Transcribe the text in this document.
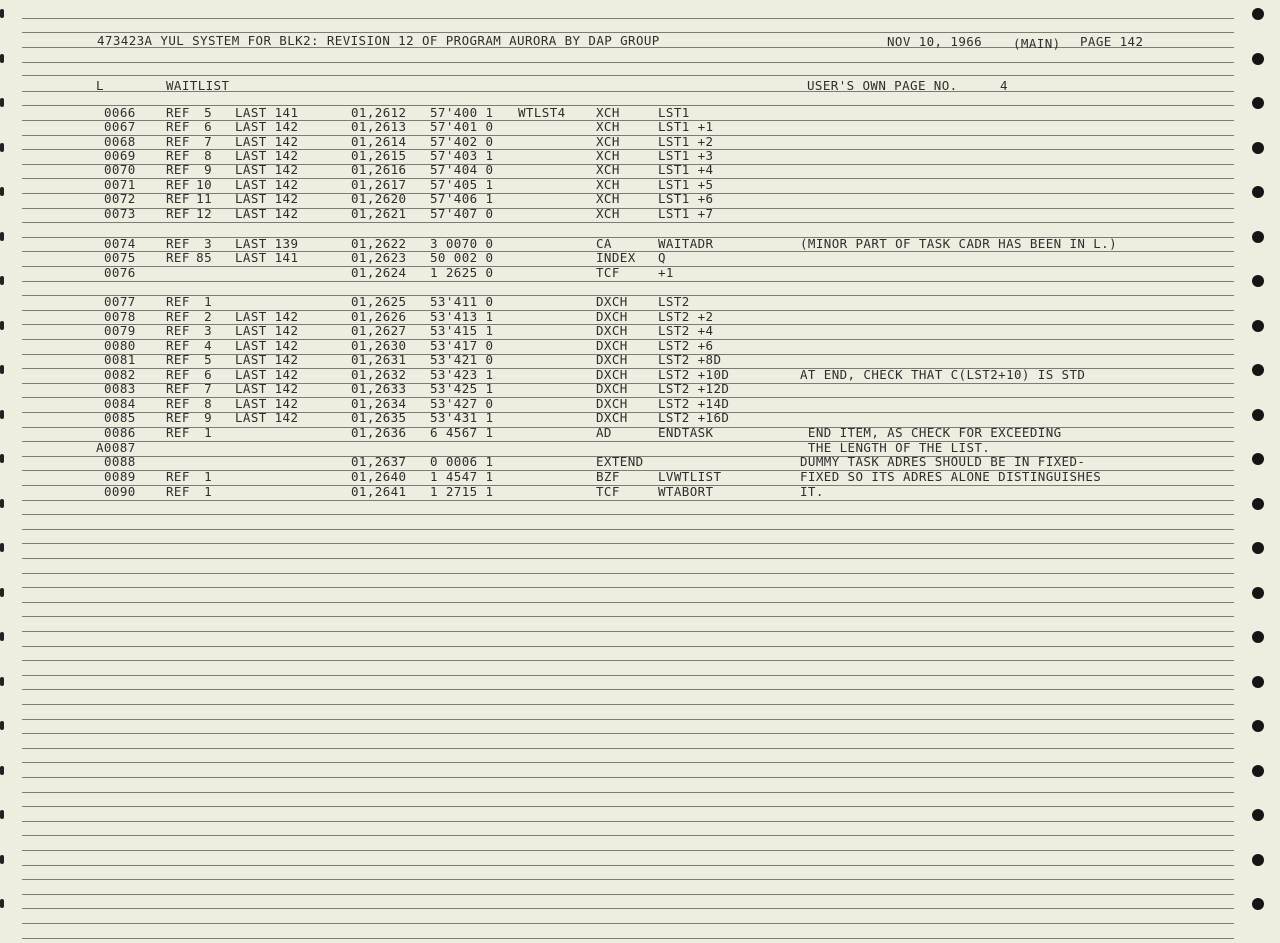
473423A YUL SYSTEM FOR BLK2: REVISION 12 OF PROGRAM AURORA BY DAP GROUP	NOV 10, 1966 (MAIN) PAGE 142
L	WAITLIST	USER'S OWN PAGE NO.	4
0066 REF	5 LAST 141	01,2612 57'400 1 WTLST4 XCH	LST1
0067 REF	6 LAST 142	01,2613 57'401 0	XCH	LST1 +1
0068 REF	7 LAST 142	01,2614 57'402 0	XCH	LST1 +2
0069 REF	8 LAST 142	01,2615 57'403 1	XCH	LST1 +3
0070 REF	9 LAST 142	01,2616 57'404 0	XCH	LST1 +4
0071 REF 10 LAST 142	01,2617 57'405 1	XCH	LST1 +5
0072 REF 11 LAST 142	01,2620 57'406 1	XCH	LST1 +6
0073 REF 12 LAST 142	01,2621 57'407 0	XCH	LST1 +7
0074 REF	3 LAST 139	01,2622 3 0070 0	CA	WAITADR	(MINOR PART OF TASK CADR HAS BEEN IN L.)
0075 REF 85 LAST 141	01,2623 50 002 0	INDEX Q
0076	01,2624 1 2625 0	TCF	+1
0077 REF	1	01,2625 53'411 0	DXCH LST2
0078 REF	2 LAST 142	01,2626 53'413 1	DXCH LST2 +2
0079 REF	3 LAST 142	01,2627 53'415 1	DXCH LST2 +4
0080 REF	4 LAST 142	01,2630 53'417 0	DXCH LST2 +6
0081 REF	5 LAST 142	01,2631 53'421 0	DXCH LST2 +8D
0082 REF	6 LAST 142	01,2632 53'423 1	DXCH LST2 +10D	AT END, CHECK THAT C(LST2+10) IS STD
0083 REF	7 LAST 142	01,2633 53'425 1	DXCH LST2 +12D
0084 REF	8 LAST 142	01,2634 53'427 0	DXCH LST2 +14D
0085 REF	9 LAST 142	01,2635 53'431 1	DXCH LST2 +16D
0086 REF	1	01,2636 6 4567 1	AD	ENDTASK	END ITEM, AS CHECK FOR EXCEEDING
A0087	THE LENGTH OF THE LIST.
0088	01,2637 0 0006 1	EXTEND	DUMMY TASK ADRES SHOULD BE IN FIXED-
0089 REF	1	01,2640 1 4547 1	BZF	LVWTLIST	FIXED SO ITS ADRES ALONE DISTINGUISHES
0090 REF	1	01,2641 1 2715 1	TCF	WTABORT	IT.
